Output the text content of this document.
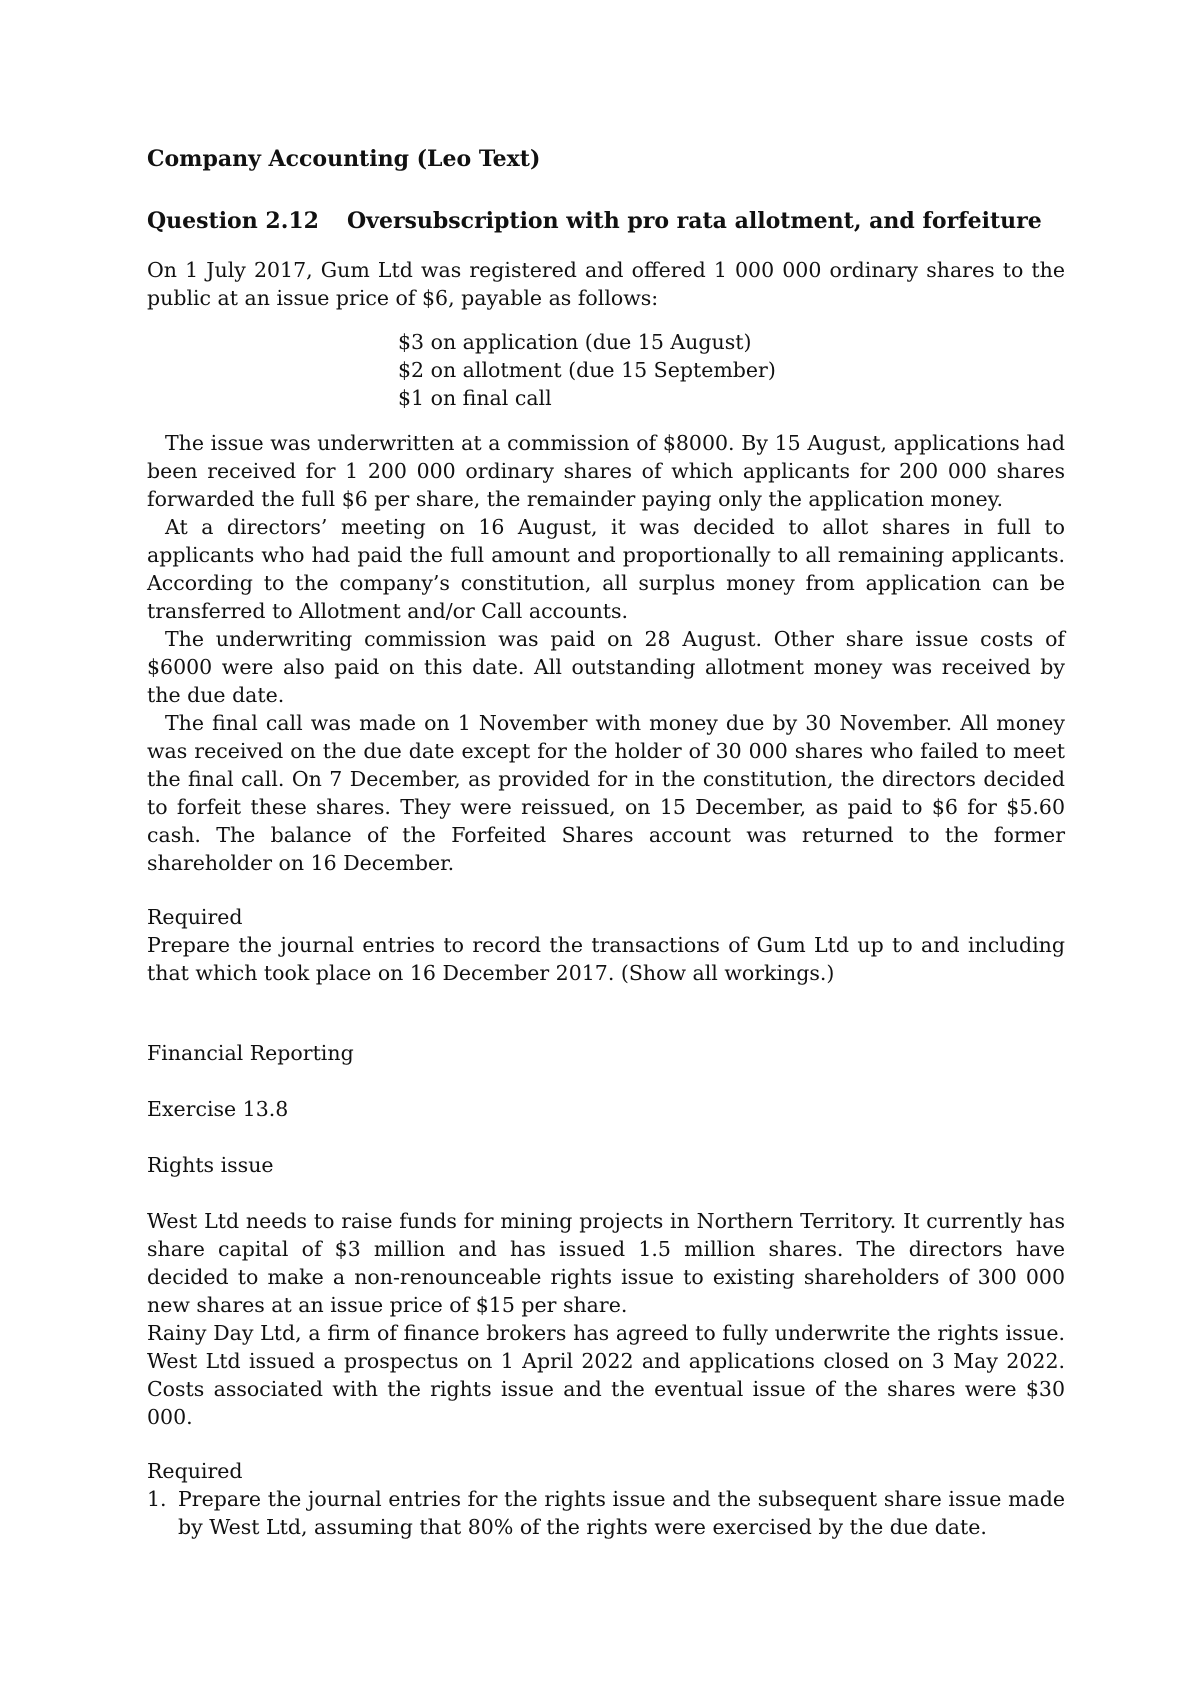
Company Accounting (Leo Text)
Question 2.12	Oversubscription with pro rata allotment, and forfeiture

On 1 July 2017, Gum Ltd was registered and offered 1 000 000 ordinary shares to the public at an issue price of $6, payable as follows:

$3 on application (due 15 August)
$2 on allotment (due 15 September)
$1 on final call

The issue was underwritten at a commission of $8000. By 15 August, applications had been received for 1 200 000 ordinary shares of which applicants for 200 000 shares forwarded the full $6 per share, the remainder paying only the application money.

At a directors’ meeting on 16 August, it was decided to allot shares in full to applicants who had paid the full amount and proportionally to all remaining applicants. According to the company’s constitution, all surplus money from application can be transferred to Allotment and/or Call accounts.

The underwriting commission was paid on 28 August. Other share issue costs of $6000 were also paid on this date. All outstanding allotment money was received by the due date.

The final call was made on 1 November with money due by 30 November. All money was received on the due date except for the holder of 30 000 shares who failed to meet the final call. On 7 December, as provided for in the constitution, the directors decided to forfeit these shares. They were reissued, on 15 December, as paid to $6 for $5.60 cash. The balance of the Forfeited Shares account was returned to the former shareholder on 16 December.

Required

Prepare the journal entries to record the transactions of Gum Ltd up to and including that which took place on 16 December 2017. (Show all workings.)

Financial Reporting

Exercise 13.8

Rights issue

West Ltd needs to raise funds for mining projects in Northern Territory. It currently has share capital of $3 million and has issued 1.5 million shares. The directors have decided to make a non-renounceable rights issue to existing shareholders of 300 000 new shares at an issue price of $15 per share.

Rainy Day Ltd, a firm of finance brokers has agreed to fully underwrite the rights issue. West Ltd issued a prospectus on 1 April 2022 and applications closed on 3 May 2022. Costs associated with the rights issue and the eventual issue of the shares were $30 000.

Required

1. Prepare the journal entries for the rights issue and the subsequent share issue made by West Ltd, assuming that 80% of the rights were exercised by the due date.
